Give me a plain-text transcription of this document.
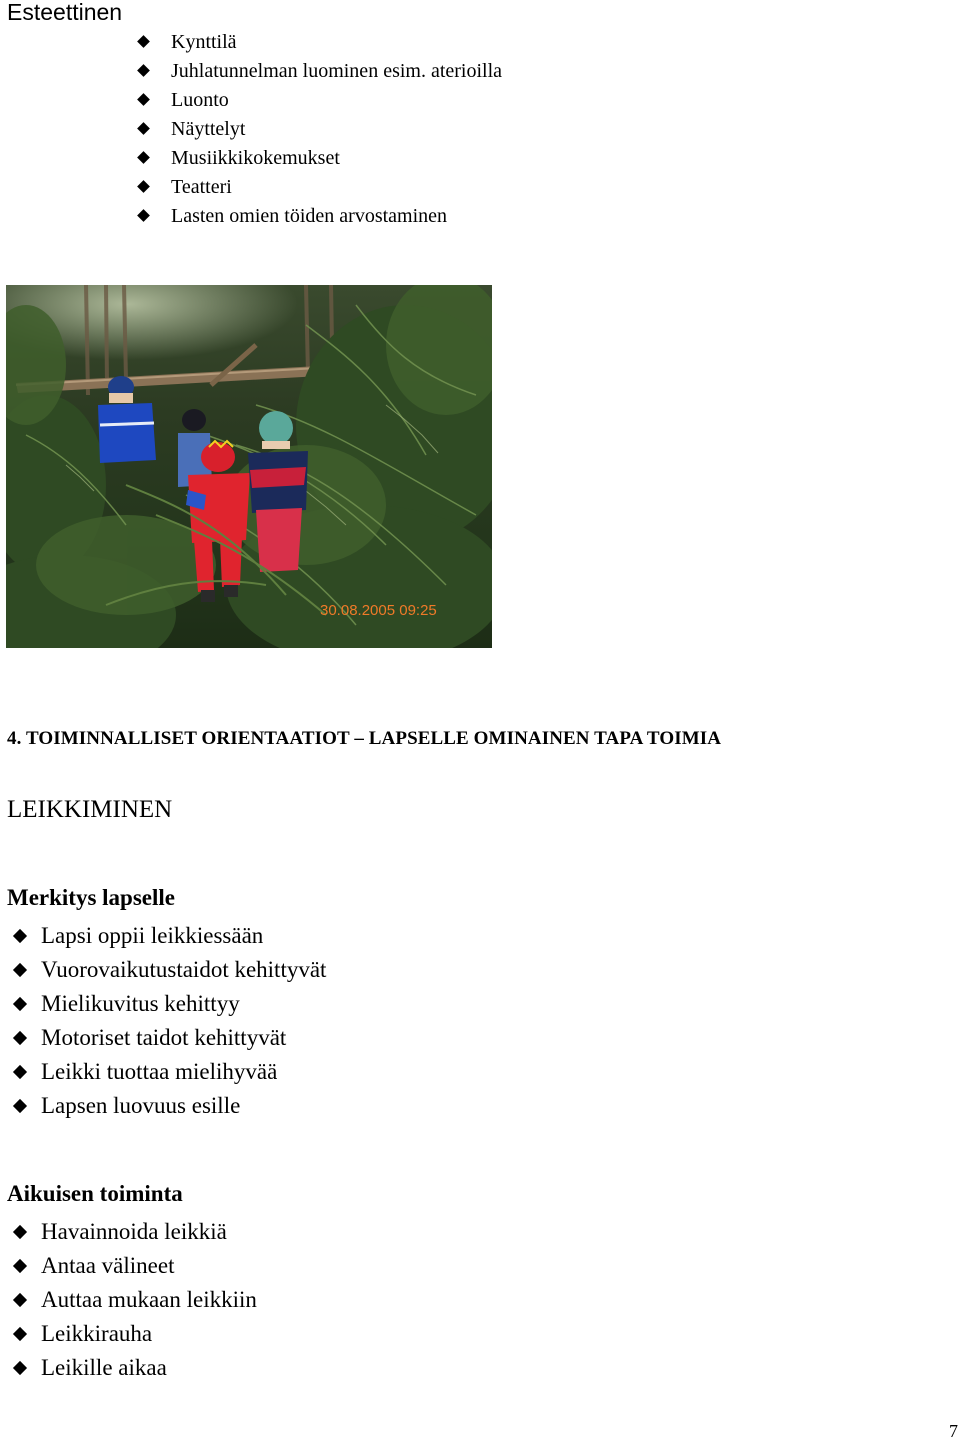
Esteettinen
Kynttilä
Juhlatunnelman luominen esim. aterioilla
Luonto
Näyttelyt
Musiikkikokemukset
Teatteri
Lasten omien töiden arvostaminen
30.08.2005 09:25
4. TOIMINNALLISET ORIENTAATIOT – LAPSELLE OMINAINEN TAPA TOIMIA
LEIKKIMINEN
Merkitys lapselle
Lapsi oppii leikkiessään
Vuorovaikutustaidot kehittyvät
Mielikuvitus kehittyy
Motoriset taidot kehittyvät
Leikki tuottaa mielihyvää
Lapsen luovuus esille
Aikuisen toiminta
Havainnoida leikkiä
Antaa välineet
Auttaa mukaan leikkiin
Leikkirauha
Leikille aikaa
7
